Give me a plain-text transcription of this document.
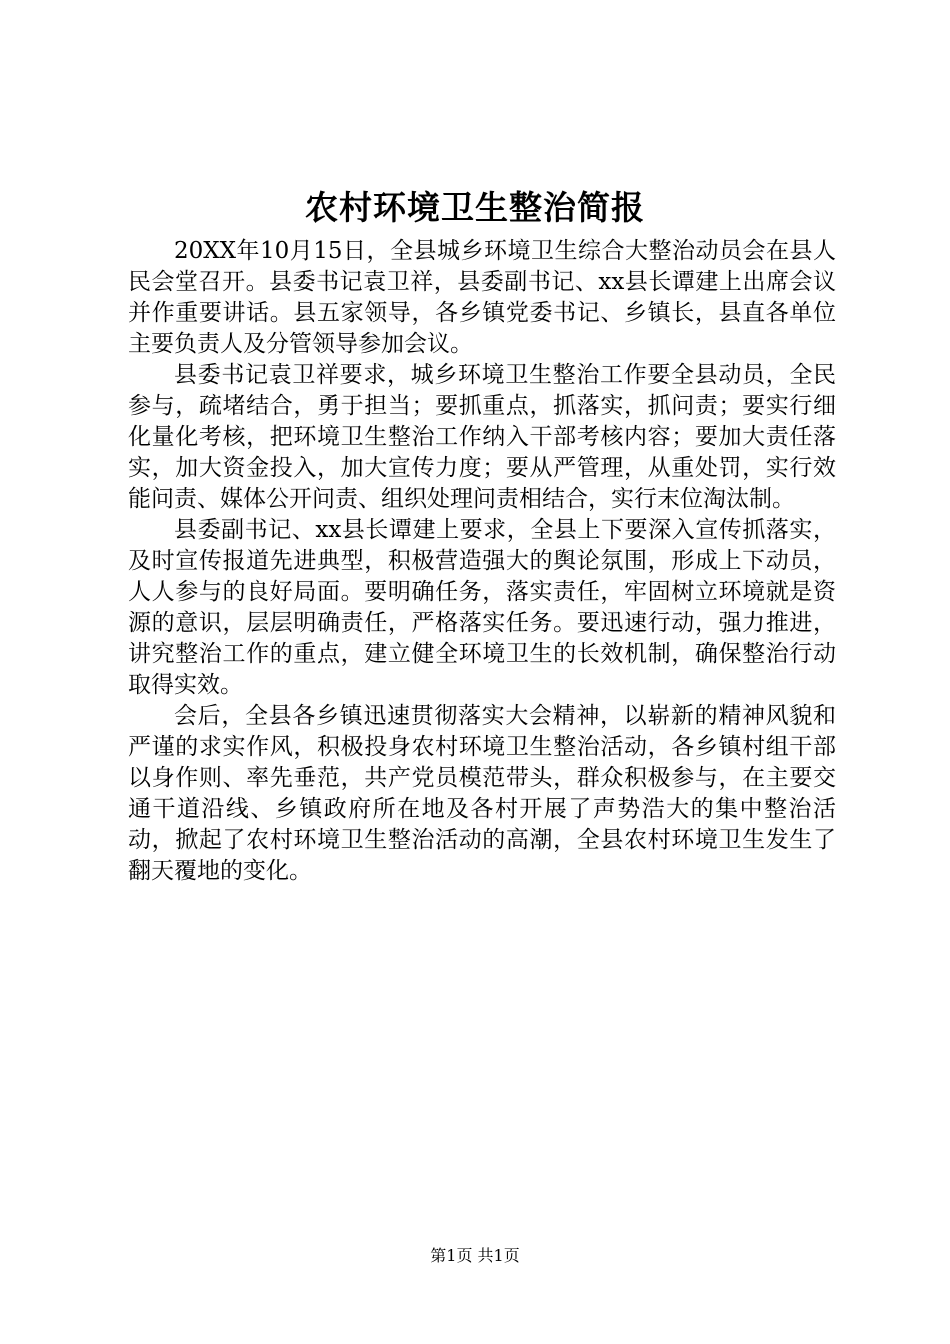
农村环境卫生整治简报

20XX年10月15日，全县城乡环境卫生综合大整治动员会在县人民会堂召开。县委书记袁卫祥，县委副书记、xx县长谭建上出席会议并作重要讲话。县五家领导，各乡镇党委书记、乡镇长，县直各单位主要负责人及分管领导参加会议。

县委书记袁卫祥要求，城乡环境卫生整治工作要全县动员，全民参与，疏堵结合，勇于担当；要抓重点，抓落实，抓问责；要实行细化量化考核，把环境卫生整治工作纳入干部考核内容；要加大责任落实，加大资金投入，加大宣传力度；要从严管理，从重处罚，实行效能问责、媒体公开问责、组织处理问责相结合，实行末位淘汰制。

县委副书记、xx县长谭建上要求，全县上下要深入宣传抓落实，及时宣传报道先进典型，积极营造强大的舆论氛围，形成上下动员，人人参与的良好局面。要明确任务，落实责任，牢固树立环境就是资源的意识，层层明确责任，严格落实任务。要迅速行动，强力推进，讲究整治工作的重点，建立健全环境卫生的长效机制，确保整治行动取得实效。

会后，全县各乡镇迅速贯彻落实大会精神，以崭新的精神风貌和严谨的求实作风，积极投身农村环境卫生整治活动，各乡镇村组干部以身作则、率先垂范，共产党员模范带头，群众积极参与，在主要交通干道沿线、乡镇政府所在地及各村开展了声势浩大的集中整治活动，掀起了农村环境卫生整治活动的高潮，全县农村环境卫生发生了翻天覆地的变化。

第1页 共1页
